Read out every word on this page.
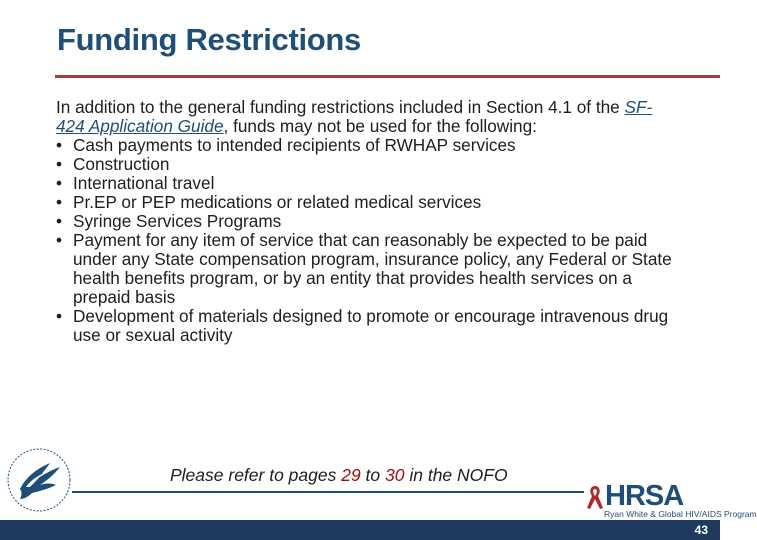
Funding Restrictions
In addition to the general funding restrictions included in Section 4.1 of the SF-424 Application Guide, funds may not be used for the following:
• Cash payments to intended recipients of RWHAP services
• Construction
• International travel
• Pr.EP or PEP medications or related medical services
• Syringe Services Programs
• Payment for any item of service that can reasonably be expected to be paid under any State compensation program, insurance policy, any Federal or State health benefits program, or by an entity that provides health services on a prepaid basis
• Development of materials designed to promote or encourage intravenous drug use or sexual activity
Please refer to pages 29 to 30 in the NOFO
HRSA
Ryan White & Global HIV/AIDS Program
43
